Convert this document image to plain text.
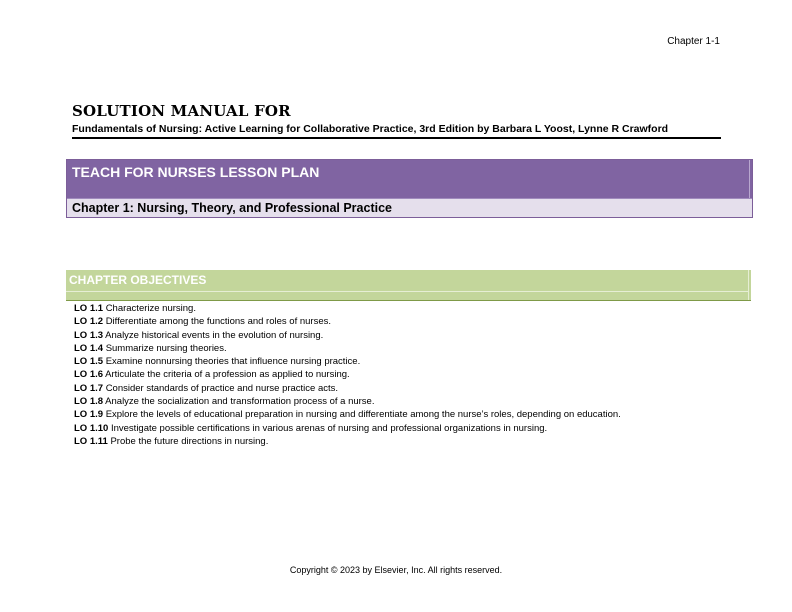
Chapter 1-1

SOLUTION MANUAL FOR

Fundamentals of Nursing: Active Learning for Collaborative Practice, 3rd Edition by Barbara L Yoost, Lynne R Crawford

TEACH FOR NURSES LESSON PLAN
Chapter 1: Nursing, Theory, and Professional Practice
CHAPTER OBJECTIVES
LO 1.1 Characterize nursing.
LO 1.2 Differentiate among the functions and roles of nurses.
LO 1.3 Analyze historical events in the evolution of nursing.
LO 1.4 Summarize nursing theories.
LO 1.5 Examine nonnursing theories that influence nursing practice.
LO 1.6 Articulate the criteria of a profession as applied to nursing.
LO 1.7 Consider standards of practice and nurse practice acts.
LO 1.8 Analyze the socialization and transformation process of a nurse.
LO 1.9 Explore the levels of educational preparation in nursing and differentiate among the nurse’s roles, depending on education.
LO 1.10 Investigate possible certifications in various arenas of nursing and professional organizations in nursing.
LO 1.11 Probe the future directions in nursing.
Copyright © 2023 by Elsevier, Inc. All rights reserved.
